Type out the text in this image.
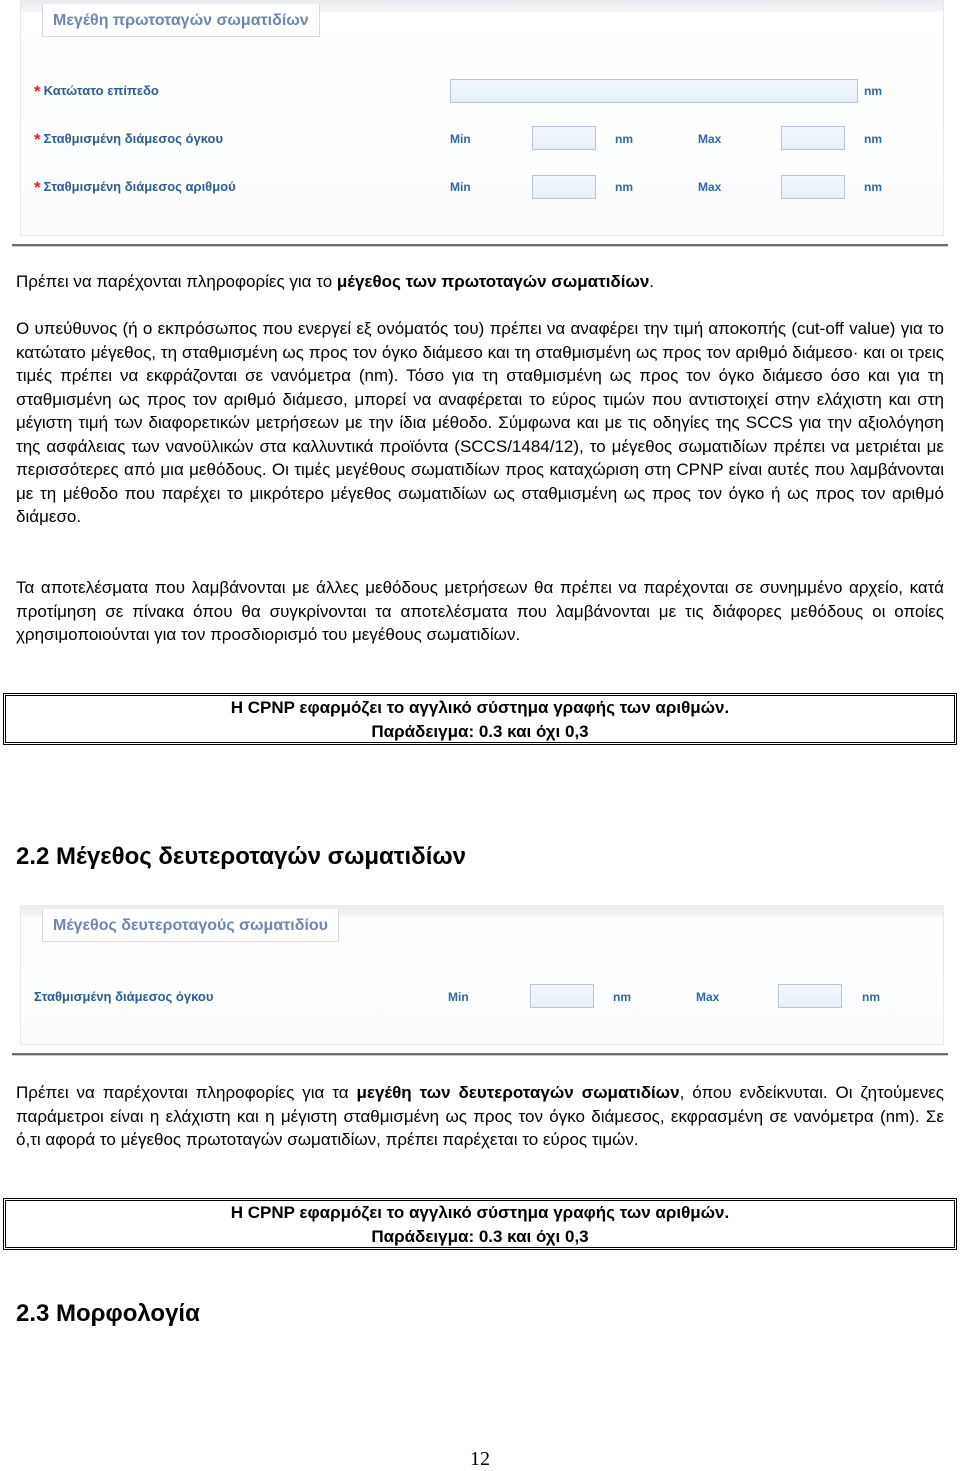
Μεγέθη πρωτοταγών σωματιδίων
* Κατώτατο επίπεδο	nm
* Σταθμισμένη διάμεσος όγκου	Min	nm	Max	nm
* Σταθμισμένη διάμεσος αριθμού	Min	nm	Max	nm

Πρέπει να παρέχονται πληροφορίες για το μέγεθος των πρωτοταγών σωματιδίων.

Ο υπεύθυνος (ή ο εκπρόσωπος που ενεργεί εξ ονόματός του) πρέπει να αναφέρει την τιμή αποκοπής (cut-off value) για το κατώτατο μέγεθος, τη σταθμισμένη ως προς τον όγκο διάμεσο και τη σταθμισμένη ως προς τον αριθμό διάμεσο· και οι τρεις τιμές πρέπει να εκφράζονται σε νανόμετρα (nm). Τόσο για τη σταθμισμένη ως προς τον όγκο διάμεσο όσο και για τη σταθμισμένη ως προς τον αριθμό διάμεσο, μπορεί να αναφέρεται το εύρος τιμών που αντιστοιχεί στην ελάχιστη και στη μέγιστη τιμή των διαφορετικών μετρήσεων με την ίδια μέθοδο. Σύμφωνα και με τις οδηγίες της SCCS για την αξιολόγηση της ασφάλειας των νανοϋλικών στα καλλυντικά προϊόντα (SCCS/1484/12), το μέγεθος σωματιδίων πρέπει να μετριέται με περισσότερες από μια μεθόδους. Οι τιμές μεγέθους σωματιδίων προς καταχώριση στη CPNP είναι αυτές που λαμβάνονται με τη μέθοδο που παρέχει το μικρότερο μέγεθος σωματιδίων ως σταθμισμένη ως προς τον όγκο ή ως προς τον αριθμό διάμεσο.

Τα αποτελέσματα που λαμβάνονται με άλλες μεθόδους μετρήσεων θα πρέπει να παρέχονται σε συνημμένο αρχείο, κατά προτίμηση σε πίνακα όπου θα συγκρίνονται τα αποτελέσματα που λαμβάνονται με τις διάφορες μεθόδους οι οποίες χρησιμοποιούνται για τον προσδιορισμό του μεγέθους σωματιδίων.

Η CPNP εφαρμόζει το αγγλικό σύστημα γραφής των αριθμών.
Παράδειγμα: 0.3 και όχι 0,3
2.2 Μέγεθος δευτεροταγών σωματιδίων
Μέγεθος δευτεροταγούς σωματιδίου
Σταθμισμένη διάμεσος όγκου	Min	nm	Max	nm

Πρέπει να παρέχονται πληροφορίες για τα μεγέθη των δευτεροταγών σωματιδίων, όπου ενδείκνυται. Οι ζητούμενες παράμετροι είναι η ελάχιστη και η μέγιστη σταθμισμένη ως προς τον όγκο διάμεσος, εκφρασμένη σε νανόμετρα (nm). Σε ό,τι αφορά το μέγεθος πρωτοταγών σωματιδίων, πρέπει παρέχεται το εύρος τιμών.

Η CPNP εφαρμόζει το αγγλικό σύστημα γραφής των αριθμών.
Παράδειγμα: 0.3 και όχι 0,3
2.3 Μορφολογία
12
